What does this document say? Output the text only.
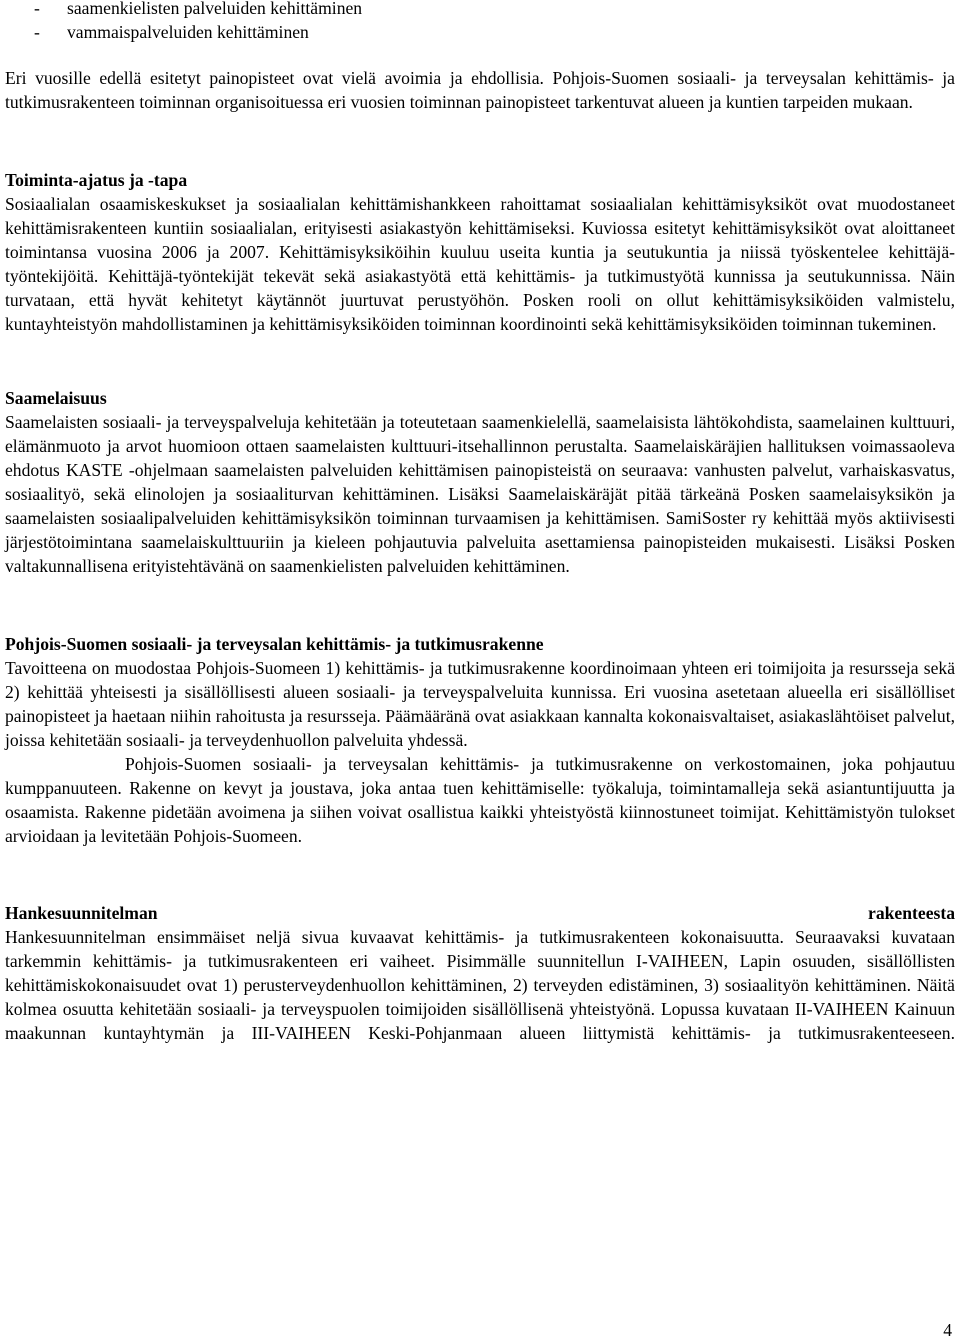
-	saamenkielisten palveluiden kehittäminen
-	vammaispalveluiden kehittäminen

Eri vuosille edellä esitetyt painopisteet ovat vielä avoimia ja ehdollisia. Pohjois-Suomen sosiaali- ja terveysalan kehittämis- ja tutkimusrakenteen toiminnan organisoituessa eri vuosien toiminnan painopisteet tarkentuvat alueen ja kuntien tarpeiden mukaan.

Toiminta-ajatus ja -tapa

Sosiaalialan osaamiskeskukset ja sosiaalialan kehittämishankkeen rahoittamat sosiaalialan kehittämisyksiköt ovat muodostaneet kehittämisrakenteen kuntiin sosiaalialan, erityisesti asiakastyön kehittämiseksi. Kuviossa esitetyt kehittämisyksiköt ovat aloittaneet toimintansa vuosina 2006 ja 2007. Kehittämisyksiköihin kuuluu useita kuntia ja seutukuntia ja niissä työskentelee kehittäjä-työntekijöitä. Kehittäjä-työntekijät tekevät sekä asiakastyötä että kehittämis- ja tutkimustyötä kunnissa ja seutukunnissa. Näin turvataan, että hyvät kehitetyt käytännöt juurtuvat perustyöhön. Posken rooli on ollut kehittämisyksiköiden valmistelu, kuntayhteistyön mahdollistaminen ja kehittämisyksiköiden toiminnan koordinointi sekä kehittämisyksiköiden toiminnan tukeminen.

Saamelaisuus

Saamelaisten sosiaali- ja terveyspalveluja kehitetään ja toteutetaan saamenkielellä, saamelaisista lähtökohdista, saamelainen kulttuuri, elämänmuoto ja arvot huomioon ottaen saamelaisten kulttuuri-itsehallinnon perustalta. Saamelaiskäräjien hallituksen voimassaoleva ehdotus KASTE -ohjelmaan saamelaisten palveluiden kehittämisen painopisteistä on seuraava: vanhusten palvelut, varhaiskasvatus, sosiaalityö, sekä elinolojen ja sosiaaliturvan kehittäminen. Lisäksi Saamelaiskäräjät pitää tärkeänä Posken saamelaisyksikön ja saamelaisten sosiaalipalveluiden kehittämisyksikön toiminnan turvaamisen ja kehittämisen. SamiSoster ry kehittää myös aktiivisesti järjestötoimintana saamelaiskulttuuriin ja kieleen pohjautuvia palveluita asettamiensa painopisteiden mukaisesti. Lisäksi Posken valtakunnallisena erityistehtävänä on saamenkielisten palveluiden kehittäminen.

Pohjois-Suomen sosiaali- ja terveysalan kehittämis- ja tutkimusrakenne

Tavoitteena on muodostaa Pohjois-Suomeen 1) kehittämis- ja tutkimusrakenne koordinoimaan yhteen eri toimijoita ja resursseja sekä 2) kehittää yhteisesti ja sisällöllisesti alueen sosiaali- ja terveyspalveluita kunnissa. Eri vuosina asetetaan alueella eri sisällölliset painopisteet ja haetaan niihin rahoitusta ja resursseja. Päämääränä ovat asiakkaan kannalta kokonaisvaltaiset, asiakaslähtöiset palvelut, joissa kehitetään sosiaali- ja terveydenhuollon palveluita yhdessä.

Pohjois-Suomen sosiaali- ja terveysalan kehittämis- ja tutkimusrakenne on verkostomainen, joka pohjautuu kumppanuuteen. Rakenne on kevyt ja joustava, joka antaa tuen kehittämiselle: työkaluja, toimintamalleja sekä asiantuntijuutta ja osaamista. Rakenne pidetään avoimena ja siihen voivat osallistua kaikki yhteistyöstä kiinnostuneet toimijat. Kehittämistyön tulokset arvioidaan ja levitetään Pohjois-Suomeen.

Hankesuunnitelman rakenteesta

Hankesuunnitelman ensimmäiset neljä sivua kuvaavat kehittämis- ja tutkimusrakenteen kokonaisuutta. Seuraavaksi kuvataan tarkemmin kehittämis- ja tutkimusrakenteen eri vaiheet. Pisimmälle suunnitellun I-VAIHEEN, Lapin osuuden, sisällöllisten kehittämiskokonaisuudet ovat 1) perusterveydenhuollon kehittäminen, 2) terveyden edistäminen, 3) sosiaalityön kehittäminen. Näitä kolmea osuutta kehitetään sosiaali- ja terveyspuolen toimijoiden sisällöllisenä yhteistyönä. Lopussa kuvataan II-VAIHEEN Kainuun maakunnan kuntayhtymän ja III-VAIHEEN Keski-Pohjanmaan alueen liittymistä kehittämis- ja tutkimusrakenteeseen.

4
